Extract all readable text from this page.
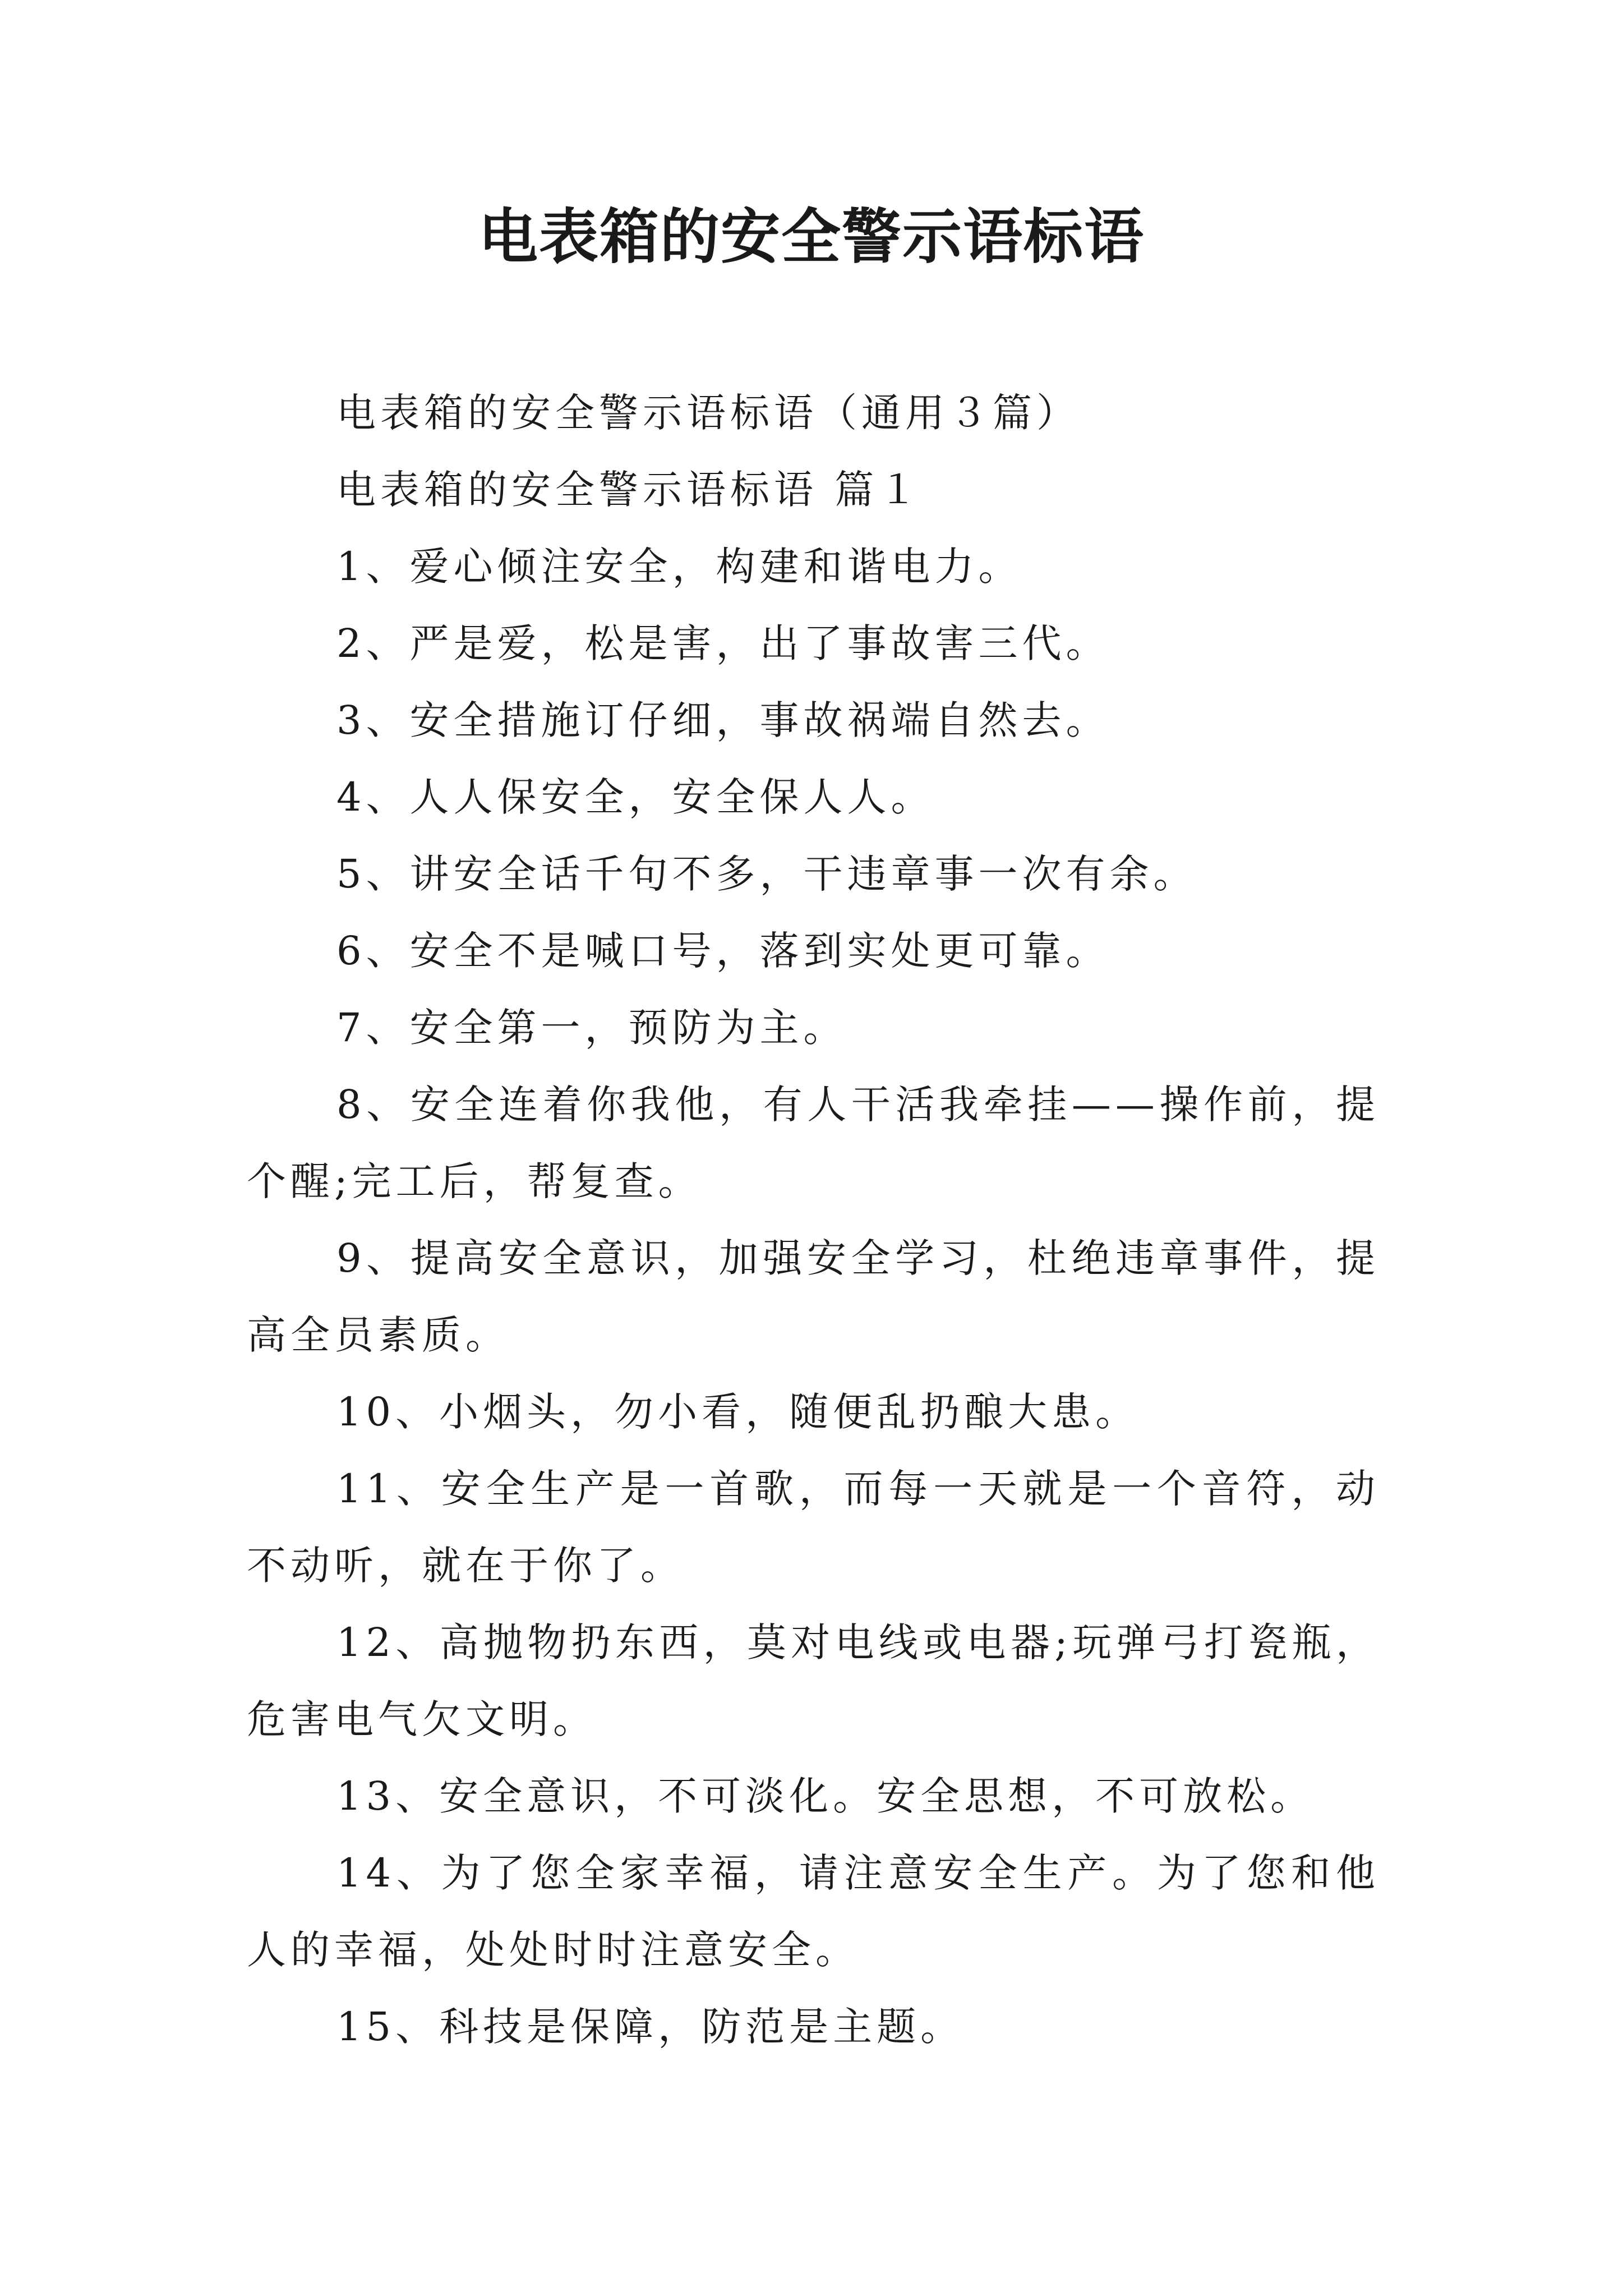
电表箱的安全警示语标语

电表箱的安全警示语标语（通用３篇）

电表箱的安全警示语标语 篇１

1、爱心倾注安全，构建和谐电力。

2、严是爱，松是害，出了事故害三代。

3、安全措施订仔细，事故祸端自然去。

4、人人保安全，安全保人人。

5、讲安全话千句不多，干违章事一次有余。

6、安全不是喊口号，落到实处更可靠。

7、安全第一，预防为主。

8、安全连着你我他，有人干活我牵挂——操作前，提个醒;完工后，帮复查。

9、提高安全意识，加强安全学习，杜绝违章事件，提高全员素质。

10、小烟头，勿小看，随便乱扔酿大患。

11、安全生产是一首歌，而每一天就是一个音符，动不动听，就在于你了。

12、高抛物扔东西，莫对电线或电器;玩弹弓打瓷瓶，危害电气欠文明。

13、安全意识，不可淡化。安全思想，不可放松。

14、为了您全家幸福，请注意安全生产。为了您和他人的幸福，处处时时注意安全。

15、科技是保障，防范是主题。
